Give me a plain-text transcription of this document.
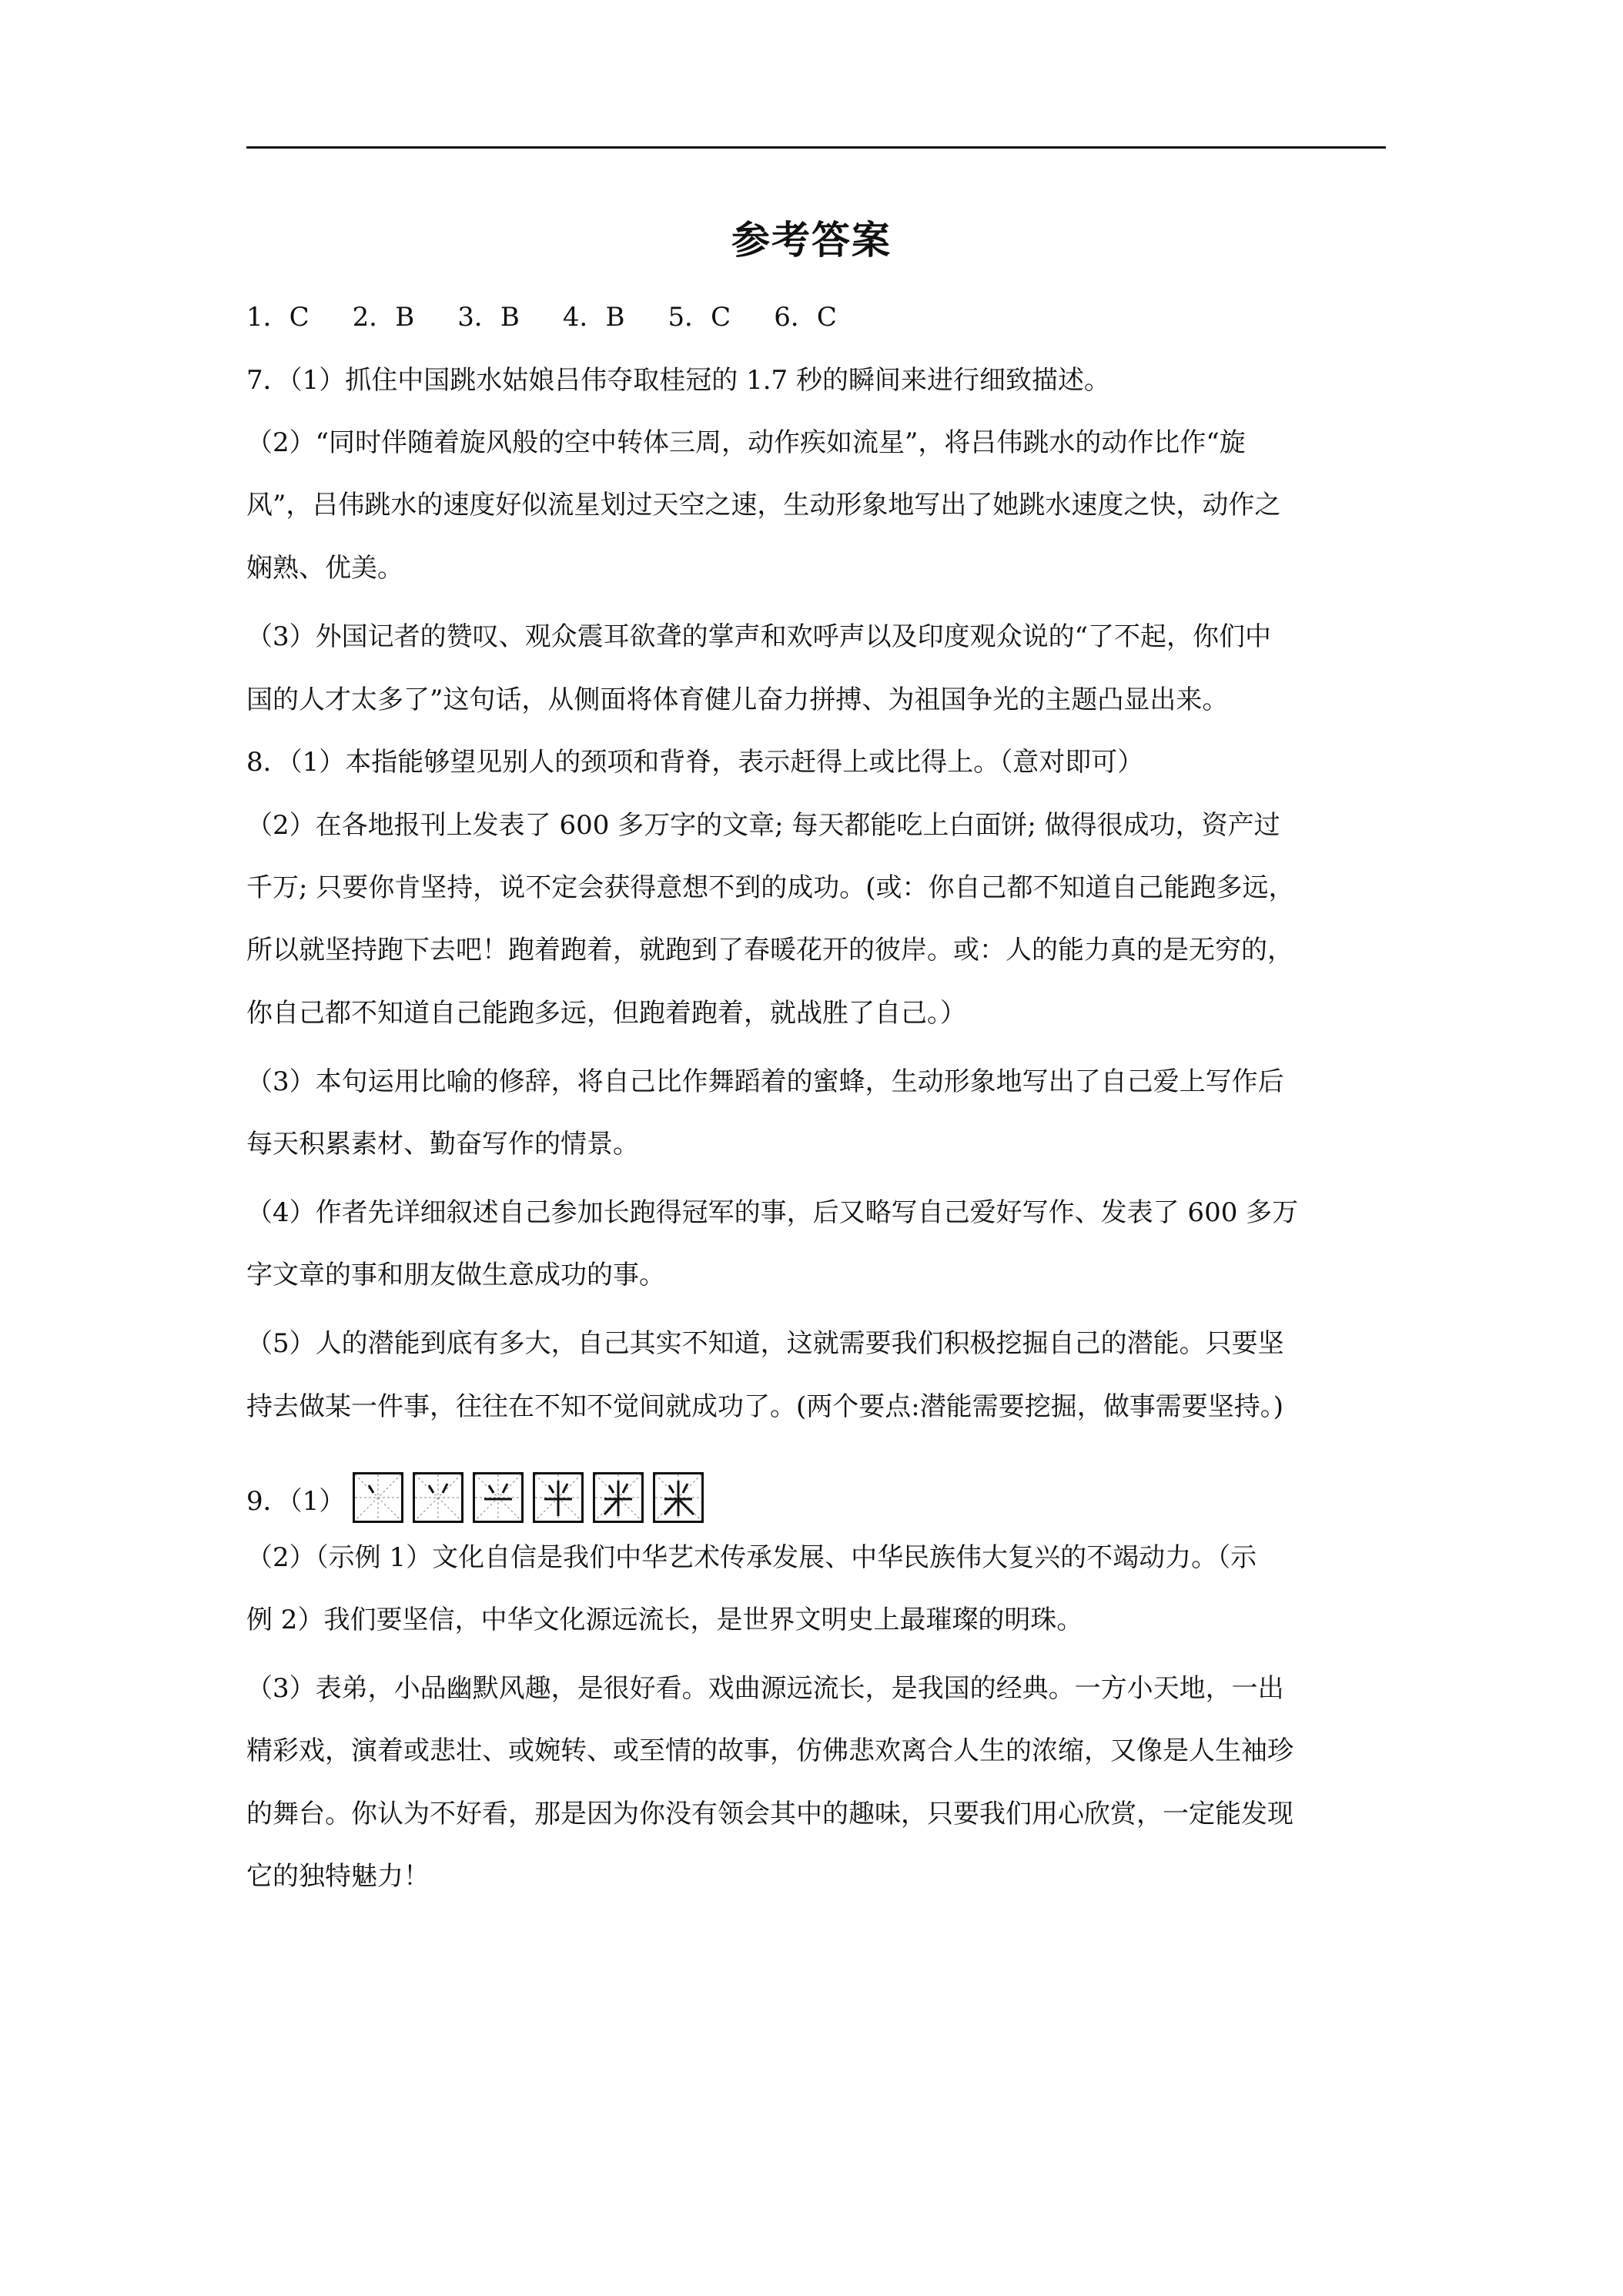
参考答案
1．C 2．B 3．B 4．B 5．C 6．C
7．（1）抓住中国跳水姑娘吕伟夺取桂冠的 1.7 秒的瞬间来进行细致描述。
（2）“同时伴随着旋风般的空中转体三周，动作疾如流星”，将吕伟跳水的动作比作“旋
风”，吕伟跳水的速度好似流星划过天空之速，生动形象地写出了她跳水速度之快，动作之
娴熟、优美。
（3）外国记者的赞叹、观众震耳欲聋的掌声和欢呼声以及印度观众说的“了不起，你们中
国的人才太多了”这句话，从侧面将体育健儿奋力拼搏、为祖国争光的主题凸显出来。
8．（1）本指能够望见别人的颈项和背脊，表示赶得上或比得上。（意对即可）
（2）在各地报刊上发表了 600 多万字的文章; 每天都能吃上白面饼; 做得很成功，资产过
千万; 只要你肯坚持，说不定会获得意想不到的成功。(或：你自己都不知道自己能跑多远，
所以就坚持跑下去吧！跑着跑着，就跑到了春暖花开的彼岸。或：人的能力真的是无穷的，
你自己都不知道自己能跑多远，但跑着跑着，就战胜了自己。）
（3）本句运用比喻的修辞，将自己比作舞蹈着的蜜蜂，生动形象地写出了自己爱上写作后
每天积累素材、勤奋写作的情景。
（4）作者先详细叙述自己参加长跑得冠军的事，后又略写自己爱好写作、发表了 600 多万
字文章的事和朋友做生意成功的事。
（5）人的潜能到底有多大，自己其实不知道，这就需要我们积极挖掘自己的潜能。只要坚
持去做某一件事，往往在不知不觉间就成功了。(两个要点:潜能需要挖掘，做事需要坚持。)
9．（1）
（2）（示例 1）文化自信是我们中华艺术传承发展、中华民族伟大复兴的不竭动力。（示
例 2）我们要坚信，中华文化源远流长，是世界文明史上最璀璨的明珠。
（3）表弟，小品幽默风趣，是很好看。戏曲源远流长，是我国的经典。一方小天地，一出
精彩戏，演着或悲壮、或婉转、或至情的故事，仿佛悲欢离合人生的浓缩，又像是人生袖珍
的舞台。你认为不好看，那是因为你没有领会其中的趣味，只要我们用心欣赏，一定能发现
它的独特魅力！
